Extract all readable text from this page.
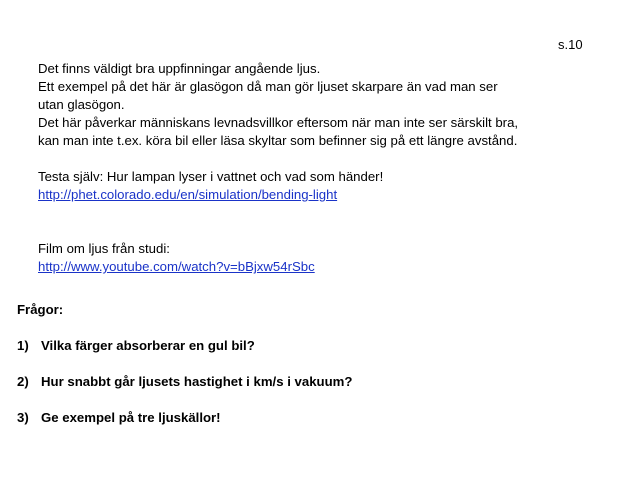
s.10
Det finns väldigt bra uppfinningar angående ljus.
Ett exempel på det här är glasögon då man gör ljuset skarpare än vad man ser
utan glasögon.
Det här påverkar människans levnadsvillkor eftersom när man inte ser särskilt bra,
kan man inte t.ex. köra bil eller läsa skyltar som befinner sig på ett längre avstånd.
Testa själv: Hur lampan lyser i vattnet och vad som händer!
http://phet.colorado.edu/en/simulation/bending-light
Film om ljus från studi:
http://www.youtube.com/watch?v=bBjxw54rSbc
Frågor:
1) Vilka färger absorberar en gul bil?
2) Hur snabbt går ljusets hastighet i km/s i vakuum?
3) Ge exempel på tre ljuskällor!
